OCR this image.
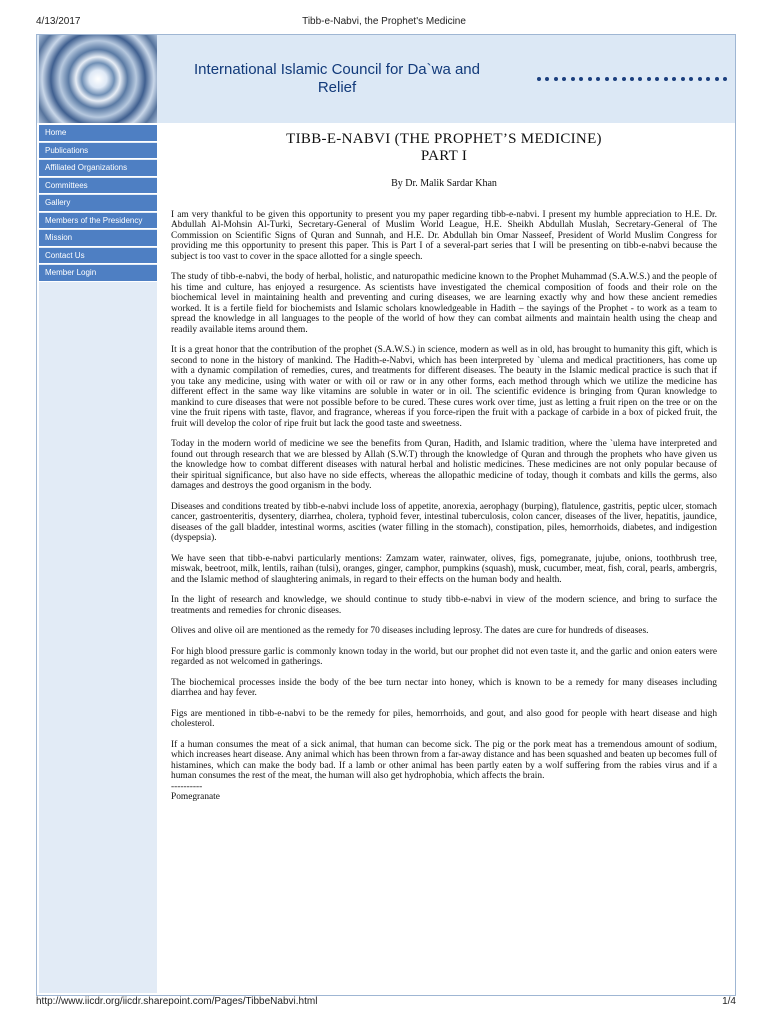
4/13/2017	Tibb-e-Nabvi, the Prophet's Medicine
International Islamic Council for Da`wa and
Relief
Home
Publications
Affiliated Organizations
Committees
Gallery
Members of the Presidency
Mission
Contact Us
Member Login
TIBB-E-NABVI (THE PROPHET’S MEDICINE)
PART I
By Dr. Malik Sardar Khan

I am very thankful to be given this opportunity to present you my paper regarding tibb-e-nabvi. I present my humble appreciation to H.E. Dr. Abdullah Al-Mohsin Al-Turki, Secretary-General of Muslim World League, H.E. Sheikh Abdullah Muslah, Secretary-General of The Commission on Scientific Signs of Quran and Sunnah, and H.E. Dr. Abdullah bin Omar Nasseef, President of World Muslim Congress for providing me this opportunity to present this paper. This is Part I of a several-part series that I will be presenting on tibb-e-nabvi because the subject is too vast to cover in the space allotted for a single speech.

The study of tibb-e-nabvi, the body of herbal, holistic, and naturopathic medicine known to the Prophet Muhammad (S.A.W.S.) and the people of his time and culture, has enjoyed a resurgence. As scientists have investigated the chemical composition of foods and their role on the biochemical level in maintaining health and preventing and curing diseases, we are learning exactly why and how these ancient remedies worked. It is a fertile field for biochemists and Islamic scholars knowledgeable in Hadith – the sayings of the Prophet - to work as a team to spread the knowledge in all languages to the people of the world of how they can combat ailments and maintain health using the cheap and readily available items around them.

It is a great honor that the contribution of the prophet (S.A.W.S.) in science, modern as well as in old, has brought to humanity this gift, which is second to none in the history of mankind. The Hadith-e-Nabvi, which has been interpreted by `ulema and medical practitioners, has come up with a dynamic compilation of remedies, cures, and treatments for different diseases. The beauty in the Islamic medical practice is such that if you take any medicine, using with water or with oil or raw or in any other forms, each method through which we utilize the medicine has different effect in the same way like vitamins are soluble in water or in oil. The scientific evidence is bringing from Quran knowledge to mankind to cure diseases that were not possible before to be cured. These cures work over time, just as letting a fruit ripen on the tree or on the vine the fruit ripens with taste, flavor, and fragrance, whereas if you force-ripen the fruit with a package of carbide in a box of picked fruit, the fruit will develop the color of ripe fruit but lack the good taste and sweetness.

Today in the modern world of medicine we see the benefits from Quran, Hadith, and Islamic tradition, where the `ulema have interpreted and found out through research that we are blessed by Allah (S.W.T) through the knowledge of Quran and through the prophets who have given us the knowledge how to combat different diseases with natural herbal and holistic medicines. These medicines are not only popular because of their spiritual significance, but also have no side effects, whereas the allopathic medicine of today, though it combats and kills the germs, also damages and destroys the good organism in the body.

Diseases and conditions treated by tibb-e-nabvi include loss of appetite, anorexia, aerophagy (burping), flatulence, gastritis, peptic ulcer, stomach cancer, gastroenteritis, dysentery, diarrhea, cholera, typhoid fever, intestinal tuberculosis, colon cancer, diseases of the liver, hepatitis, jaundice, diseases of the gall bladder, intestinal worms, ascities (water filling in the stomach), constipation, piles, hemorrhoids, diabetes, and indigestion (dyspepsia).

We have seen that tibb-e-nabvi particularly mentions: Zamzam water, rainwater, olives, figs, pomegranate, jujube, onions, toothbrush tree, miswak, beetroot, milk, lentils, raihan (tulsi), oranges, ginger, camphor, pumpkins (squash), musk, cucumber, meat, fish, coral, pearls, ambergris, and the Islamic method of slaughtering animals, in regard to their effects on the human body and health.

In the light of research and knowledge, we should continue to study tibb-e-nabvi in view of the modern science, and bring to surface the treatments and remedies for chronic diseases.

Olives and olive oil are mentioned as the remedy for 70 diseases including leprosy. The dates are cure for hundreds of diseases.

For high blood pressure garlic is commonly known today in the world, but our prophet did not even taste it, and the garlic and onion eaters were regarded as not welcomed in gatherings.

The biochemical processes inside the body of the bee turn nectar into honey, which is known to be a remedy for many diseases including diarrhea and hay fever.

Figs are mentioned in tibb-e-nabvi to be the remedy for piles, hemorrhoids, and gout, and also good for people with heart disease and high cholesterol.

If a human consumes the meat of a sick animal, that human can become sick. The pig or the pork meat has a tremendous amount of sodium, which increases heart disease. Any animal which has been thrown from a far-away distance and has been squashed and beaten up becomes full of histamines, which can make the body bad. If a lamb or other animal has been partly eaten by a wolf suffering from the rabies virus and if a human consumes the rest of the meat, the human will also get hydrophobia, which affects the brain.

----------
Pomegranate
http://www.iicdr.org/iicdr.sharepoint.com/Pages/TibbeNabvi.html	1/4
